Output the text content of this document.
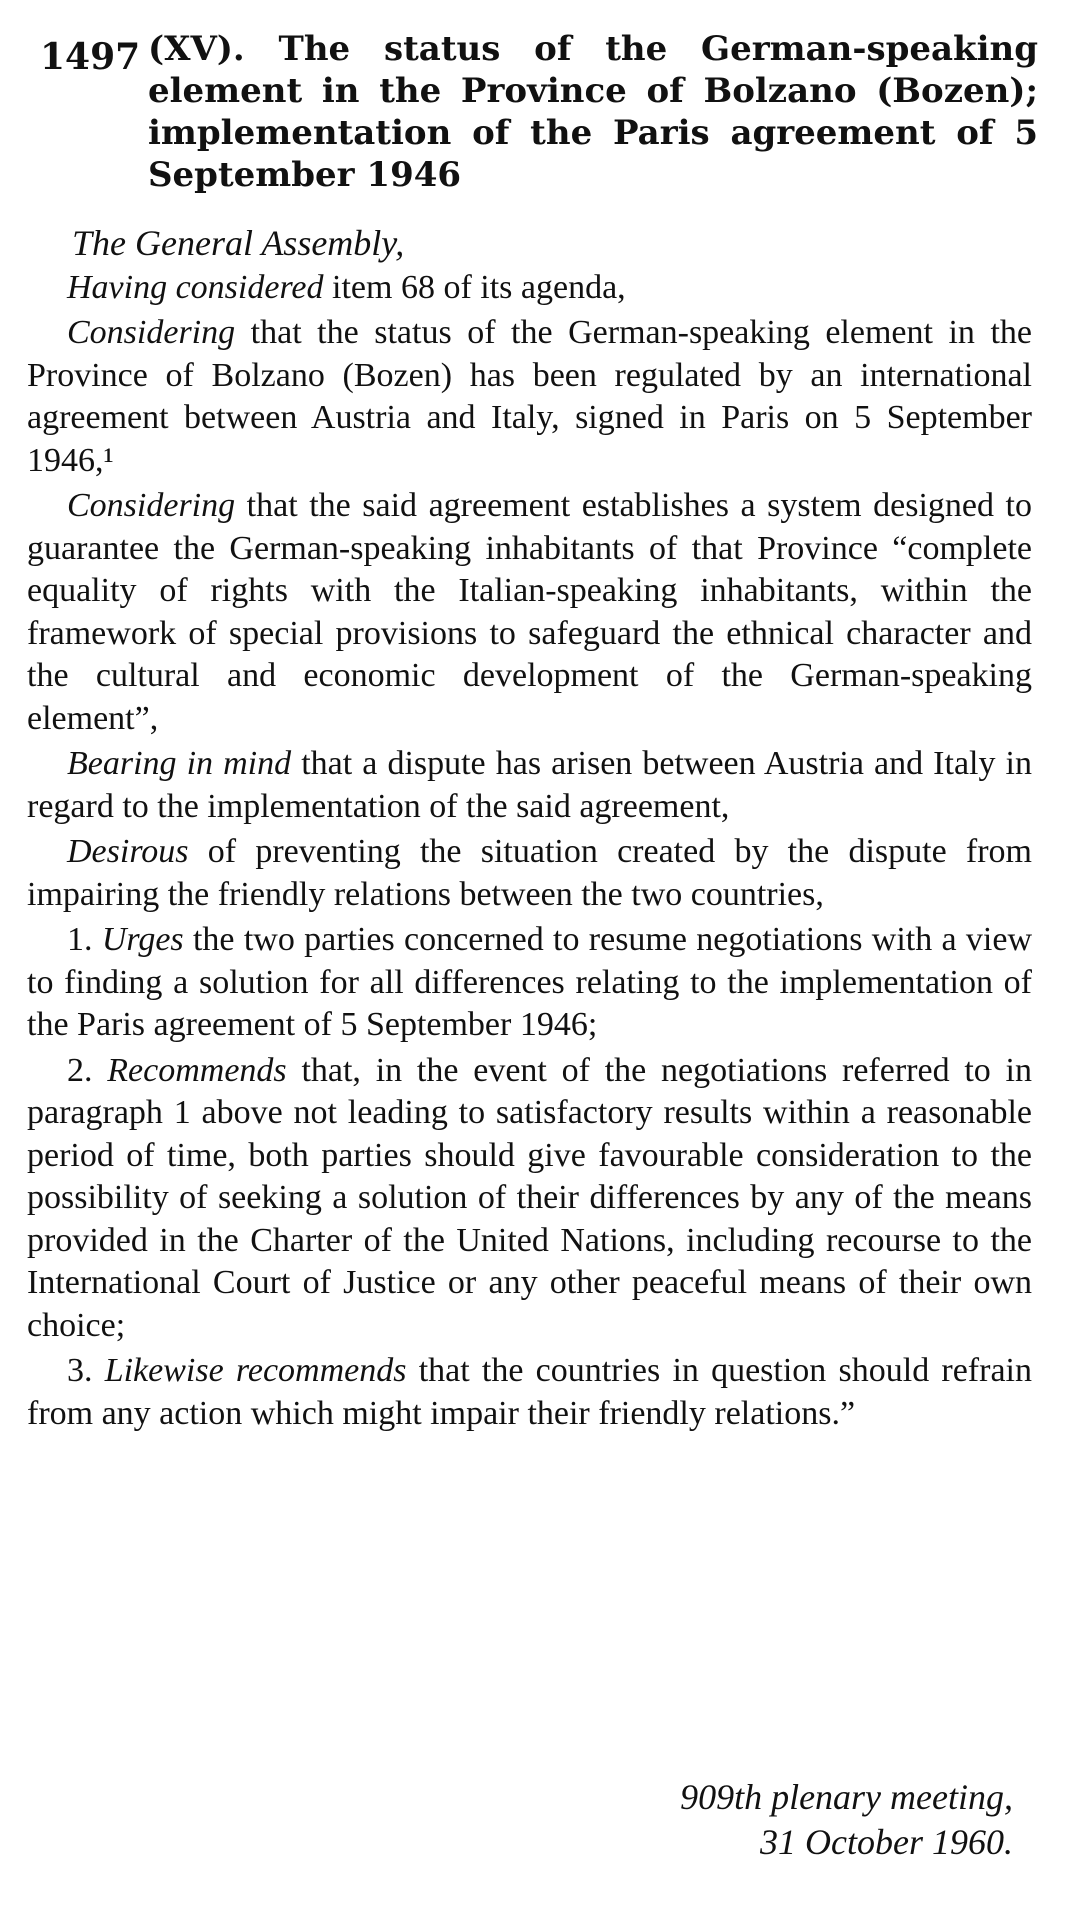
1497 (XV). The status of the German-speaking element in the Province of Bolzano (Bozen); implementation of the Paris agreement of 5 September 1946

The General Assembly,

Having considered item 68 of its agenda,

Considering that the status of the German-speaking element in the Province of Bolzano (Bozen) has been regulated by an international agreement between Austria and Italy, signed in Paris on 5 September 1946,¹

Considering that the said agreement establishes a system designed to guarantee the German-speaking inhabitants of that Province “complete equality of rights with the Italian-speaking inhabitants, within the framework of special provisions to safeguard the ethnical character and the cultural and economic development of the German-speaking element”,

Bearing in mind that a dispute has arisen between Austria and Italy in regard to the implementation of the said agreement,

Desirous of preventing the situation created by the dispute from impairing the friendly relations between the two countries,

1. Urges the two parties concerned to resume negotiations with a view to finding a solution for all differences relating to the implementation of the Paris agreement of 5 September 1946;

2. Recommends that, in the event of the negotiations referred to in paragraph 1 above not leading to satisfactory results within a reasonable period of time, both parties should give favourable consideration to the possibility of seeking a solution of their differences by any of the means provided in the Charter of the United Nations, including recourse to the International Court of Justice or any other peaceful means of their own choice;

3. Likewise recommends that the countries in question should refrain from any action which might impair their friendly relations.”

909th plenary meeting,
31 October 1960.
